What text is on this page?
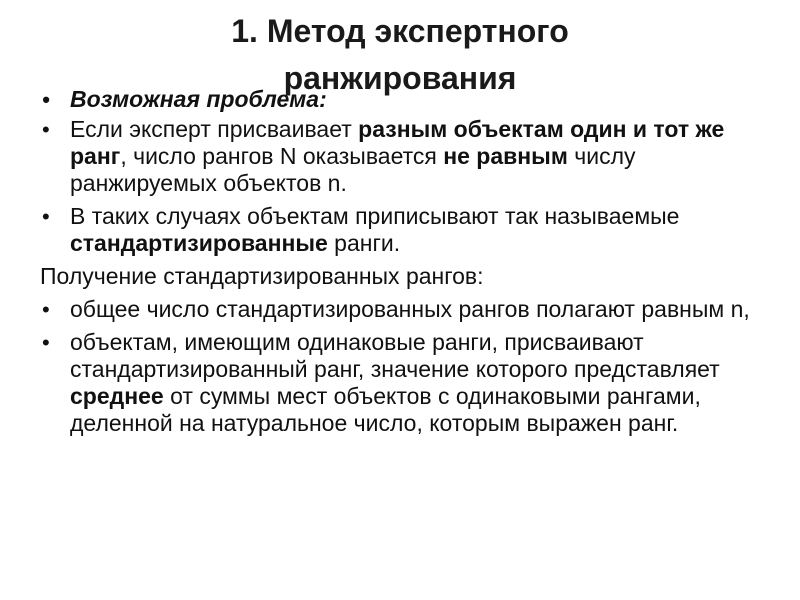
1. Метод экспертного
ранжирования
• Возможная проблема:
• Если эксперт присваивает разным объектам один и тот же ранг, число рангов N оказывается не равным числу ранжируемых объектов n.
• В таких случаях объектам приписывают так называемые стандартизированные ранги.
Получение стандартизированных рангов:
• общее число стандартизированных рангов полагают равным n,
• объектам, имеющим одинаковые ранги, присваивают стандартизированный ранг, значение которого представляет среднее от суммы мест объектов с одинаковыми рангами, деленной на натуральное число, которым выражен ранг.
